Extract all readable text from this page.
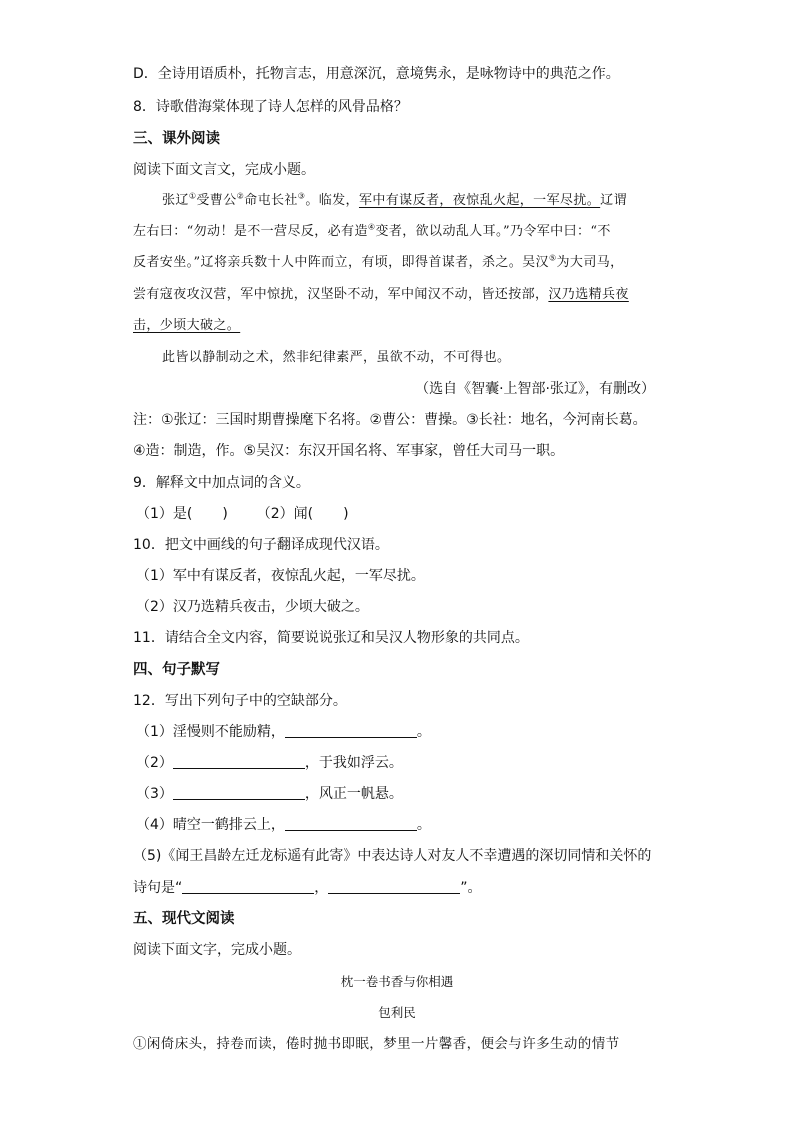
D．全诗用语质朴，托物言志，用意深沉，意境隽永，是咏物诗中的典范之作。
8．诗歌借海棠体现了诗人怎样的风骨品格？
三、课外阅读
阅读下面文言文，完成小题。
张辽①受曹公②命屯长社③。临发，军中有谋反者，夜惊乱火起，一军尽扰。辽谓
左右曰：“勿动！是不一营尽反，必有造④变者，欲以动乱人耳。”乃令军中曰：“不
反者安坐。”辽将亲兵数十人中阵而立，有顷，即得首谋者，杀之。吴汉⑤为大司马，
尝有寇夜攻汉营，军中惊扰，汉坚卧不动，军中闻汉不动，皆还按部，汉乃选精兵夜
击，少顷大破之。
此皆以静制动之术，然非纪律素严，虽欲不动，不可得也。
（选自《智囊·上智部·张辽》，有删改）
注：①张辽：三国时期曹操麾下名将。②曹公：曹操。③长社：地名，今河南长葛。
④造：制造，作。⑤吴汉：东汉开国名将、军事家，曾任大司马一职。
9．解释文中加点词的含义。
（1）是( ) （2）闻( )
10．把文中画线的句子翻译成现代汉语。
（1）军中有谋反者，夜惊乱火起，一军尽扰。
（2）汉乃选精兵夜击，少顷大破之。
11．请结合全文内容，简要说说张辽和吴汉人物形象的共同点。
四、句子默写
12．写出下列句子中的空缺部分。
（1）淫慢则不能励精，	。
（2）	，于我如浮云。
（3）	，风正一帆悬。
（4）晴空一鹤排云上，	。
（5)《闻王昌龄左迁龙标遥有此寄》中表达诗人对友人不幸遭遇的深切同情和关怀的
诗句是“	，	”。
五、现代文阅读
阅读下面文字，完成小题。
枕一卷书香与你相遇
包利民
①闲倚床头，持卷而读，倦时抛书即眠，梦里一片馨香，便会与许多生动的情节
